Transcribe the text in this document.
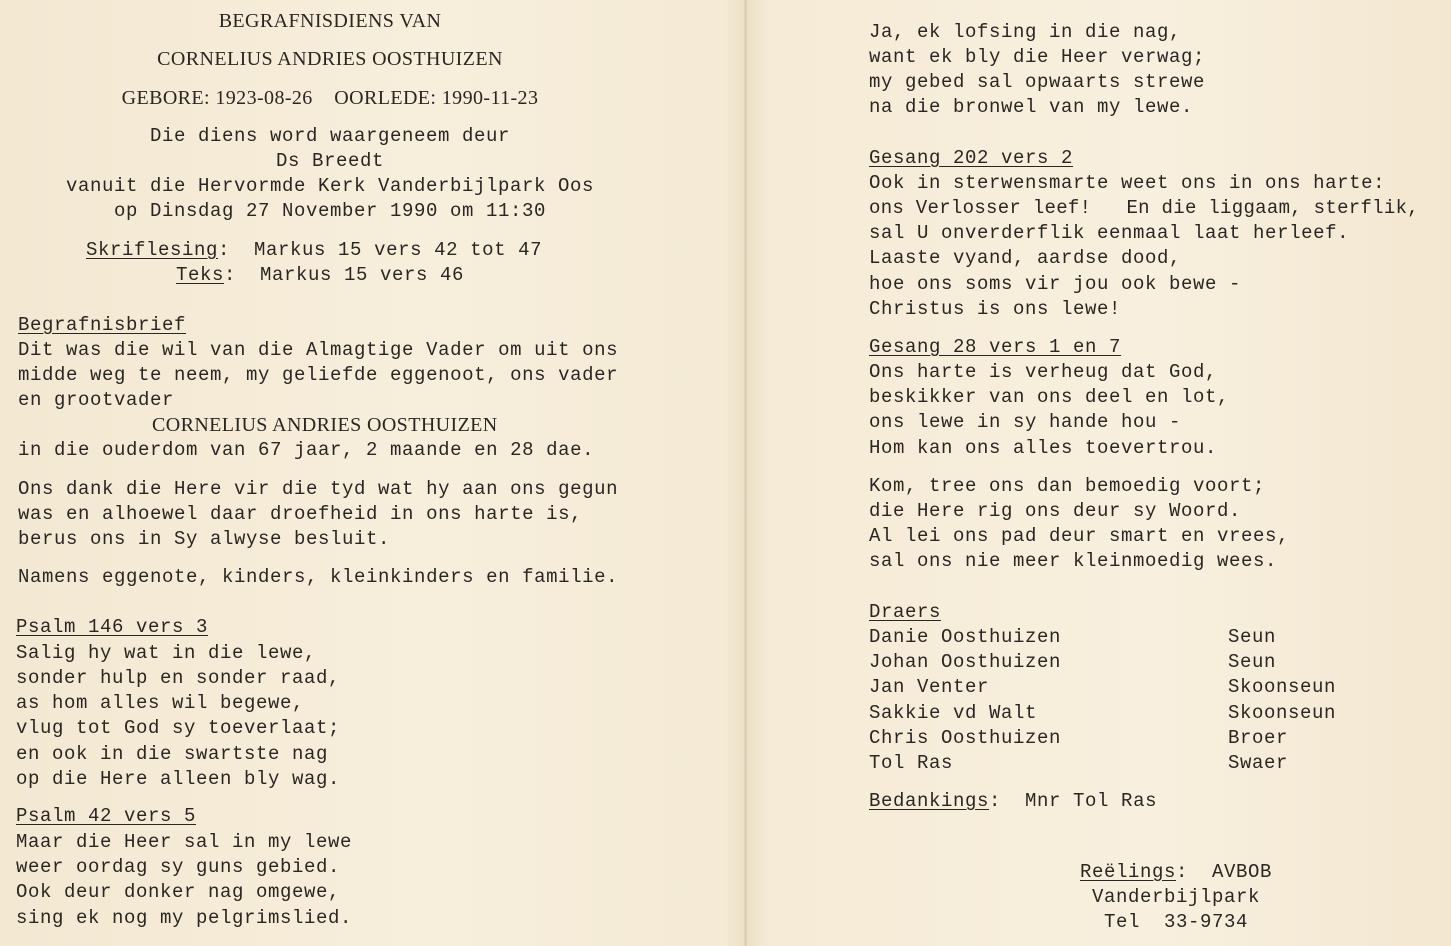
BEGRAFNISDIENS VAN
CORNELIUS ANDRIES OOSTHUIZEN
GEBORE: 1923-08-26    OORLEDE: 1990-11-23
Die diens word waargeneem deur
Ds Breedt
vanuit die Hervormde Kerk Vanderbijlpark Oos
op Dinsdag 27 November 1990 om 11:30
Skriflesing:  Markus 15 vers 42 tot 47
Teks:  Markus 15 vers 46
Begrafnisbrief
Dit was die wil van die Almagtige Vader om uit ons
midde weg te neem, my geliefde eggenoot, ons vader
en grootvader
CORNELIUS ANDRIES OOSTHUIZEN
in die ouderdom van 67 jaar, 2 maande en 28 dae.
Ons dank die Here vir die tyd wat hy aan ons gegun
was en alhoewel daar droefheid in ons harte is,
berus ons in Sy alwyse besluit.
Namens eggenote, kinders, kleinkinders en familie.
Psalm 146 vers 3
Salig hy wat in die lewe,
sonder hulp en sonder raad,
as hom alles wil begewe,
vlug tot God sy toeverlaat;
en ook in die swartste nag
op die Here alleen bly wag.
Psalm 42 vers 5
Maar die Heer sal in my lewe
weer oordag sy guns gebied.
Ook deur donker nag omgewe,
sing ek nog my pelgrimslied.
Ja, ek lofsing in die nag,
want ek bly die Heer verwag;
my gebed sal opwaarts strewe
na die bronwel van my lewe.
Gesang 202 vers 2
Ook in sterwensmarte weet ons in ons harte:
ons Verlosser leef!   En die liggaam, sterflik,
sal U onverderflik eenmaal laat herleef.
Laaste vyand, aardse dood,
hoe ons soms vir jou ook bewe -
Christus is ons lewe!
Gesang 28 vers 1 en 7
Ons harte is verheug dat God,
beskikker van ons deel en lot,
ons lewe in sy hande hou -
Hom kan ons alles toevertrou.
Kom, tree ons dan bemoedig voort;
die Here rig ons deur sy Woord.
Al lei ons pad deur smart en vrees,
sal ons nie meer kleinmoedig wees.
Draers
Danie Oosthuizen	Seun
Johan Oosthuizen	Seun
Jan Venter	Skoonseun
Sakkie vd Walt	Skoonseun
Chris Oosthuizen	Broer
Tol Ras	Swaer
Bedankings:  Mnr Tol Ras
Reëlings:  AVBOB
Vanderbijlpark
Tel  33-9734
